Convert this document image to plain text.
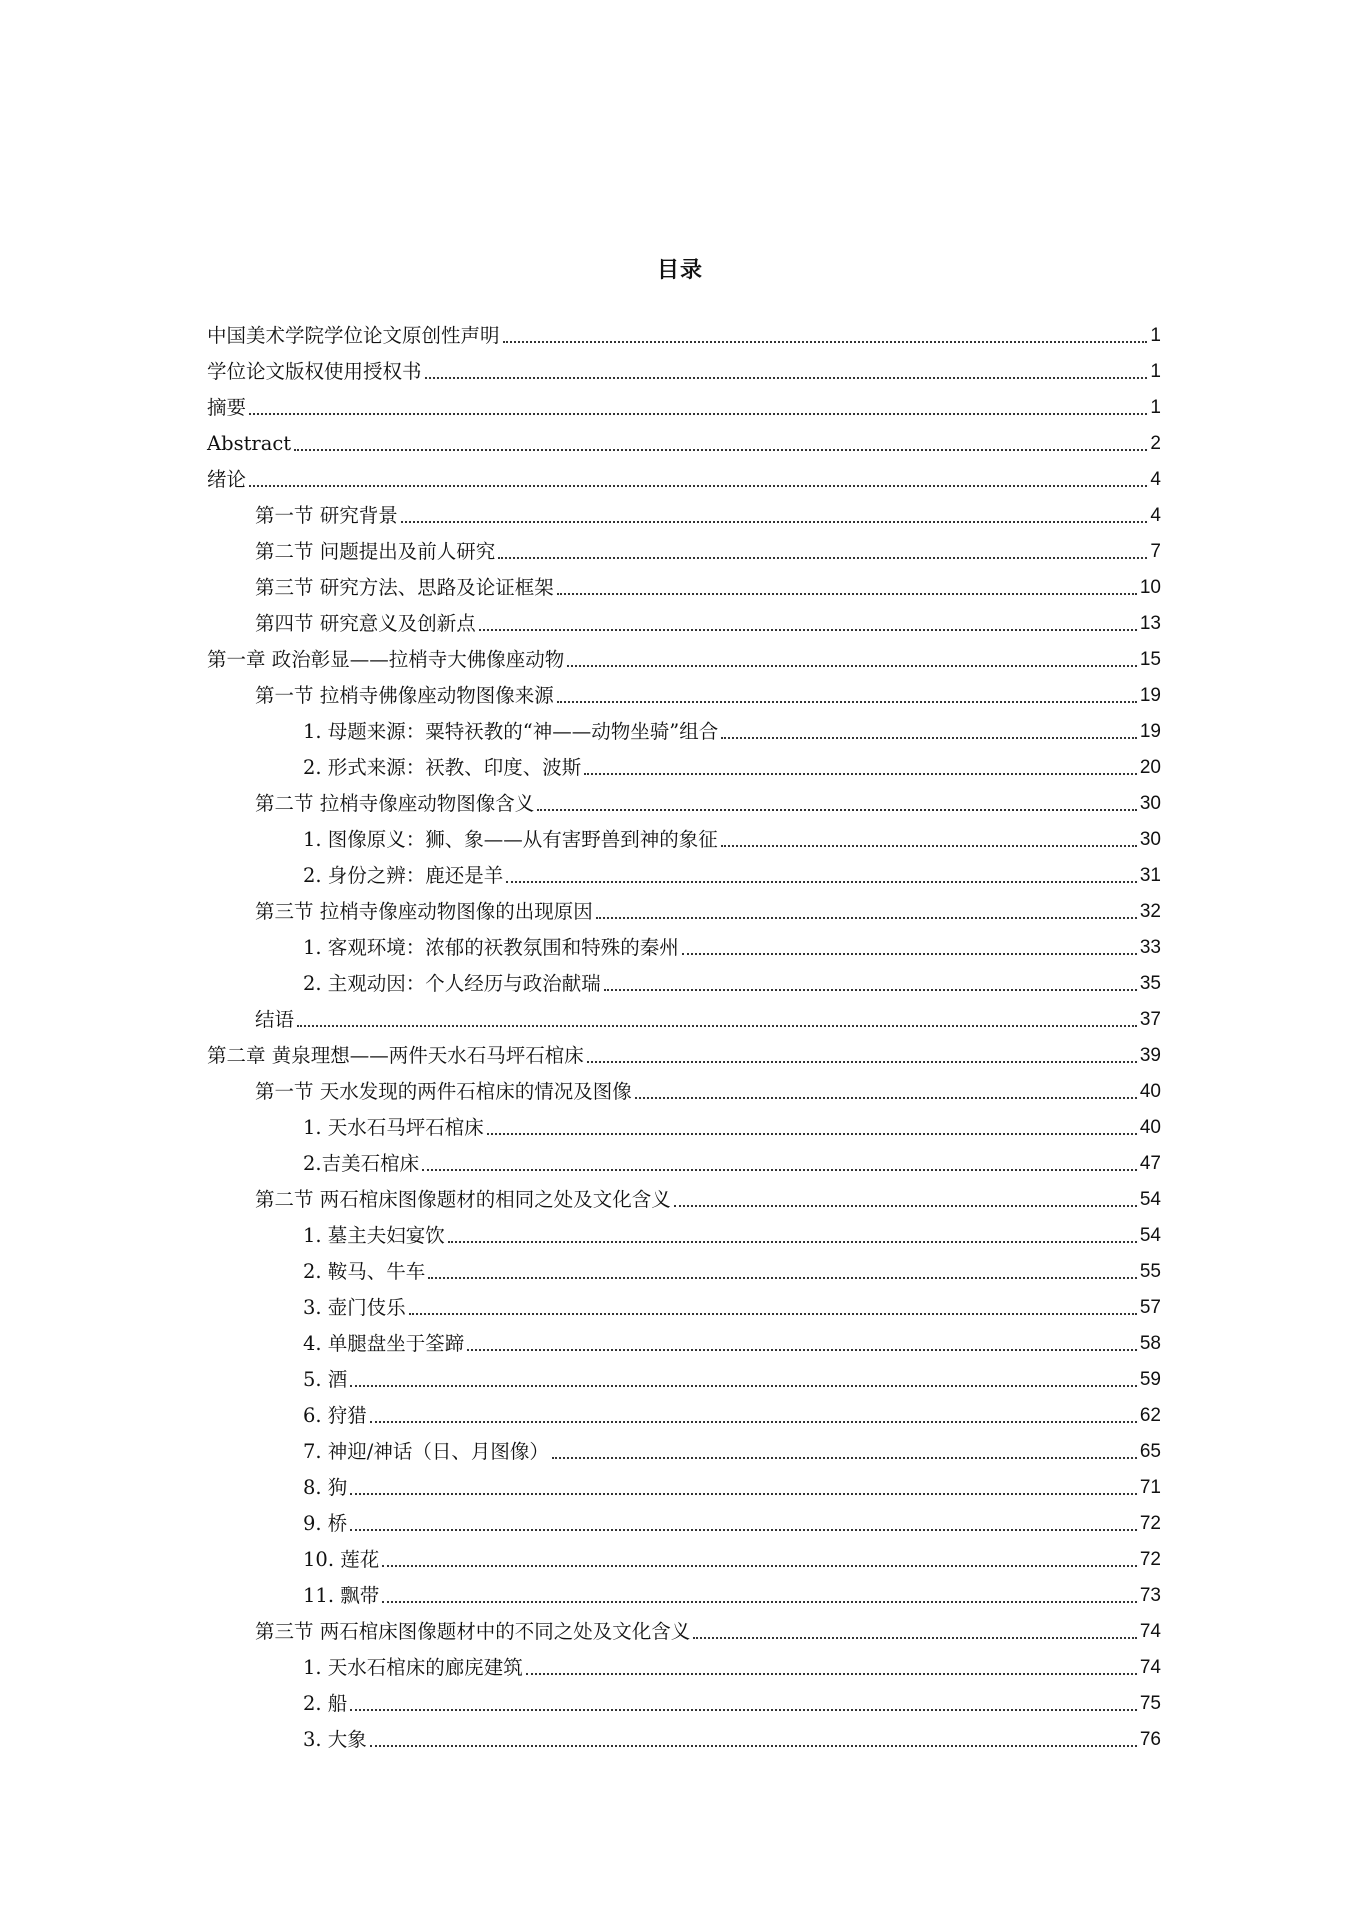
目录
中国美术学院学位论文原创性声明	1
学位论文版权使用授权书	1
摘要	1
Abstract	2
绪论	4
第一节 研究背景	4
第二节 问题提出及前人研究	7
第三节 研究方法、思路及论证框架	10
第四节 研究意义及创新点	13
第一章 政治彰显——拉梢寺大佛像座动物	15
第一节 拉梢寺佛像座动物图像来源	19
1. 母题来源：粟特祆教的“神——动物坐骑”组合	19
2. 形式来源：祆教、印度、波斯	20
第二节 拉梢寺像座动物图像含义	30
1. 图像原义：狮、象——从有害野兽到神的象征	30
2. 身份之辨：鹿还是羊	31
第三节 拉梢寺像座动物图像的出现原因	32
1. 客观环境：浓郁的祆教氛围和特殊的秦州	33
2. 主观动因：个人经历与政治献瑞	35
结语	37
第二章 黄泉理想——两件天水石马坪石棺床	39
第一节 天水发现的两件石棺床的情况及图像	40
1. 天水石马坪石棺床	40
2.吉美石棺床	47
第二节 两石棺床图像题材的相同之处及文化含义	54
1. 墓主夫妇宴饮	54
2. 鞍马、牛车	55
3. 壶门伎乐	57
4. 单腿盘坐于筌蹄	58
5. 酒	59
6. 狩猎	62
7. 神迎/神话（日、月图像）	65
8. 狗	71
9. 桥	72
10. 莲花	72
11. 飘带	73
第三节 两石棺床图像题材中的不同之处及文化含义	74
1. 天水石棺床的廊庑建筑	74
2. 船	75
3. 大象	76
